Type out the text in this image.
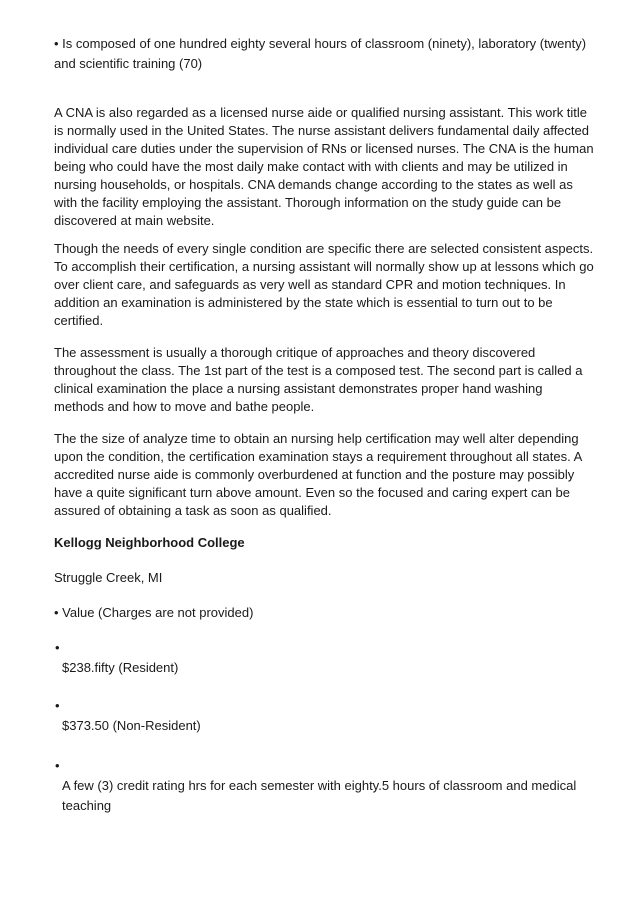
• Is composed of one hundred eighty several hours of classroom (ninety), laboratory (twenty) and scientific training (70)

A CNA is also regarded as a licensed nurse aide or qualified nursing assistant. This work title is normally used in the United States. The nurse assistant delivers fundamental daily affected individual care duties under the supervision of RNs or licensed nurses. The CNA is the human being who could have the most daily make contact with with clients and may be utilized in nursing households, or hospitals. CNA demands change according to the states as well as with the facility employing the assistant. Thorough information on the study guide can be discovered at main website.

Though the needs of every single condition are specific there are selected consistent aspects. To accomplish their certification, a nursing assistant will normally show up at lessons which go over client care, and safeguards as very well as standard CPR and motion techniques. In addition an examination is administered by the state which is essential to turn out to be certified.

The assessment is usually a thorough critique of approaches and theory discovered throughout the class. The 1st part of the test is a composed test. The second part is called a clinical examination the place a nursing assistant demonstrates proper hand washing methods and how to move and bathe people.

The the size of analyze time to obtain an nursing help certification may well alter depending upon the condition, the certification examination stays a requirement throughout all states. A accredited nurse aide is commonly overburdened at function and the posture may possibly have a quite significant turn above amount. Even so the focused and caring expert can be assured of obtaining a task as soon as qualified.

Kellogg Neighborhood College

Struggle Creek, MI

• Value (Charges are not provided)

•

$238.fifty (Resident)

•

$373.50 (Non-Resident)

•

A few (3) credit rating hrs for each semester with eighty.5 hours of classroom and medical teaching
